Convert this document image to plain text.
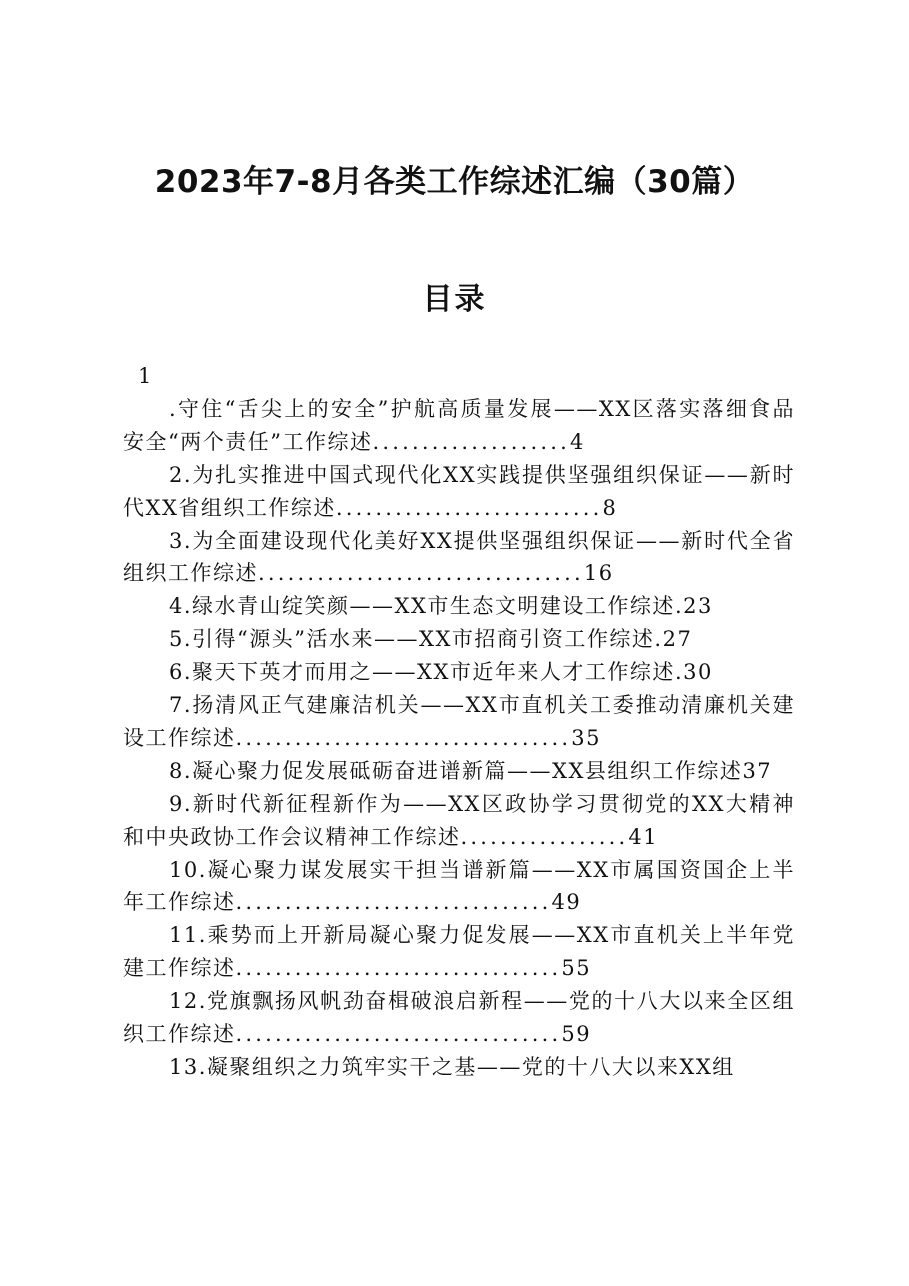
2023年7-8月各类工作综述汇编（30篇）
目录
1
.守住“舌尖上的安全”护航高质量发展——XX区落实落细食品安全“两个责任”工作综述....................4
2.为扎实推进中国式现代化XX实践提供坚强组织保证——新时代XX省组织工作综述...........................8
3.为全面建设现代化美好XX提供坚强组织保证——新时代全省组织工作综述.................................16
4.绿水青山绽笑颜——XX市生态文明建设工作综述.23
5.引得“源头”活水来——XX市招商引资工作综述.27
6.聚天下英才而用之——XX市近年来人才工作综述.30
7.扬清风正气建廉洁机关——XX市直机关工委推动清廉机关建设工作综述..................................35
8.凝心聚力促发展砥砺奋进谱新篇——XX县组织工作综述37
9.新时代新征程新作为——XX区政协学习贯彻党的XX大精神和中央政协工作会议精神工作综述.................41
10.凝心聚力谋发展实干担当谱新篇——XX市属国资国企上半年工作综述................................49
11.乘势而上开新局凝心聚力促发展——XX市直机关上半年党建工作综述.................................55
12.党旗飘扬风帆劲奋楫破浪启新程——党的十八大以来全区组织工作综述.................................59
13.凝聚组织之力筑牢实干之基——党的十八大以来XX组
